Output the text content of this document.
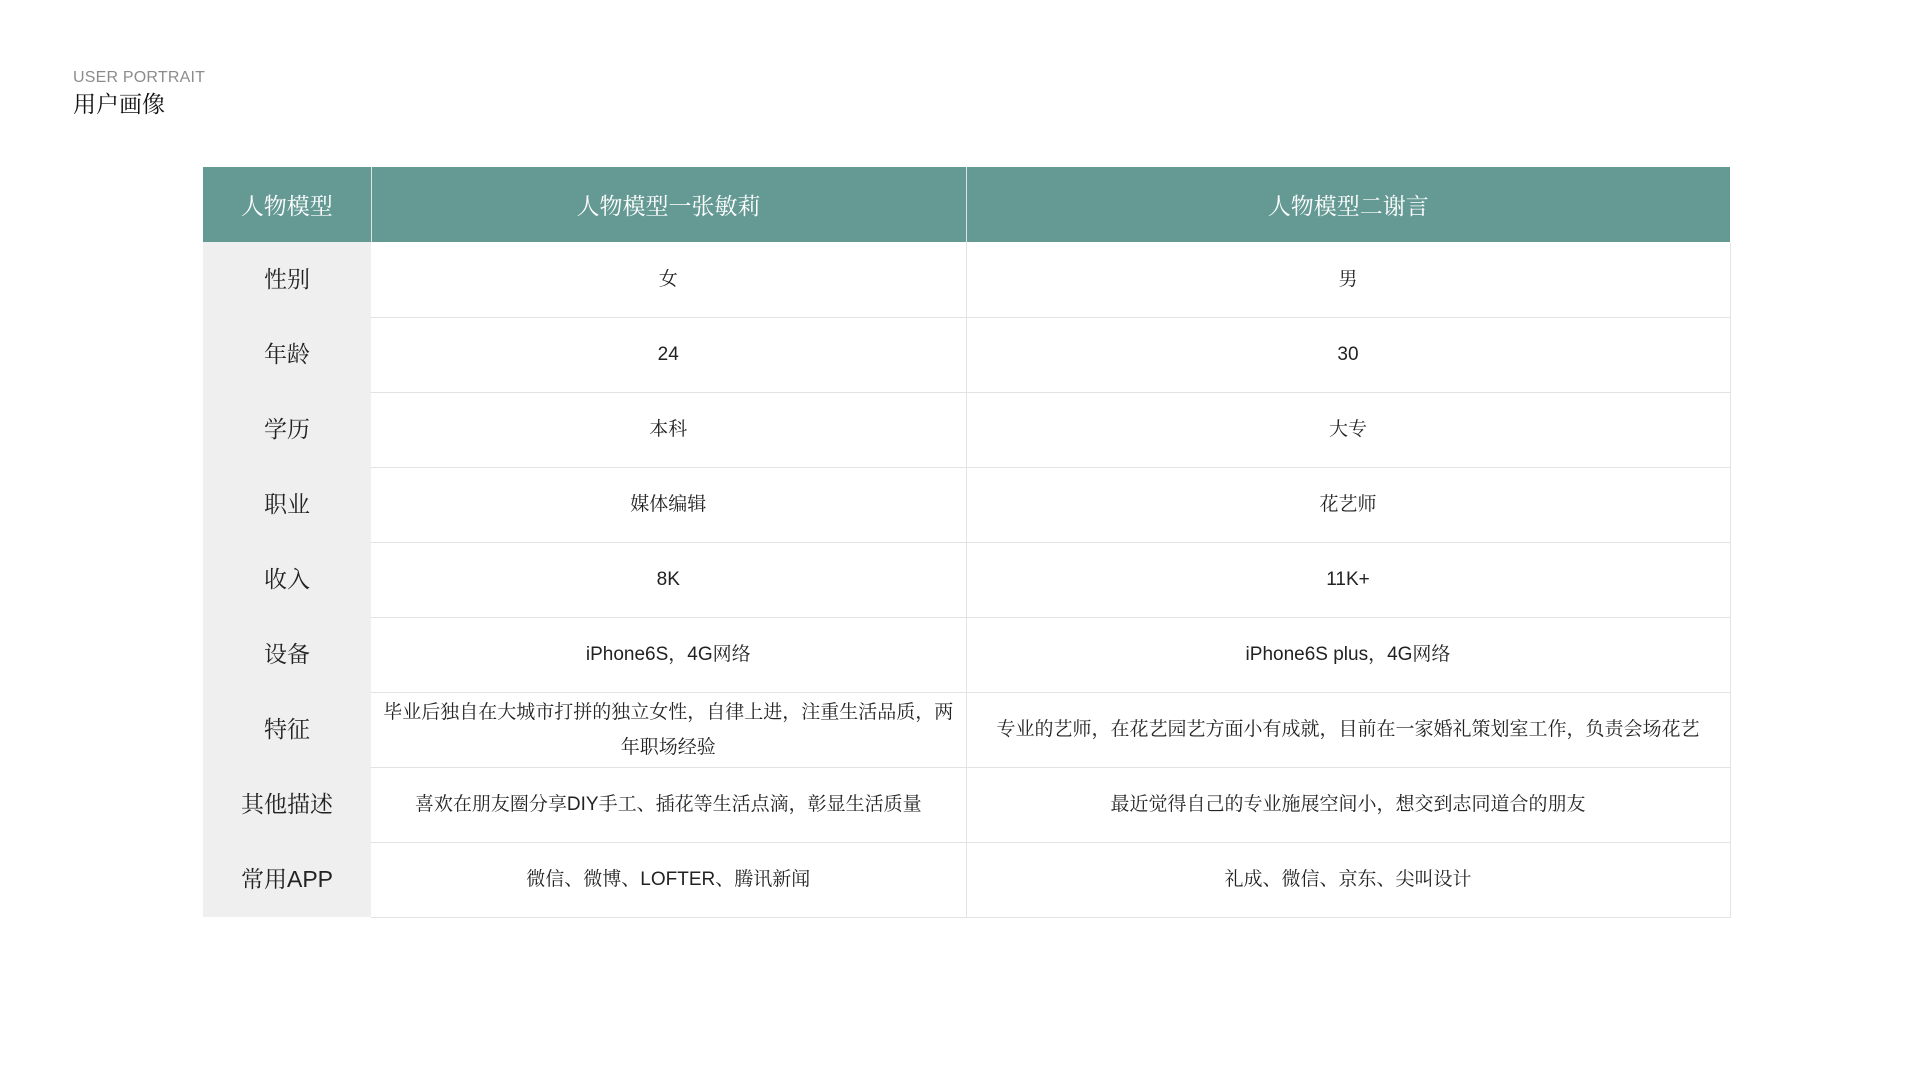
USER PORTRAIT
用户画像
人物模型	人物模型一张敏莉	人物模型二谢言
性别	女	男
年龄	24	30
学历	本科	大专
职业	媒体编辑	花艺师
收入	8K	11K+
设备	iPhone6S，4G网络	iPhone6S plus，4G网络
特征	毕业后独自在大城市打拼的独立女性，自律上进，注重生活品质，两年职场经验	专业的艺师，在花艺园艺方面小有成就，目前在一家婚礼策划室工作，负责会场花艺
其他描述	喜欢在朋友圈分享DIY手工、插花等生活点滴，彰显生活质量	最近觉得自己的专业施展空间小，想交到志同道合的朋友
常用APP	微信、微博、LOFTER、腾讯新闻	礼成、微信、京东、尖叫设计
